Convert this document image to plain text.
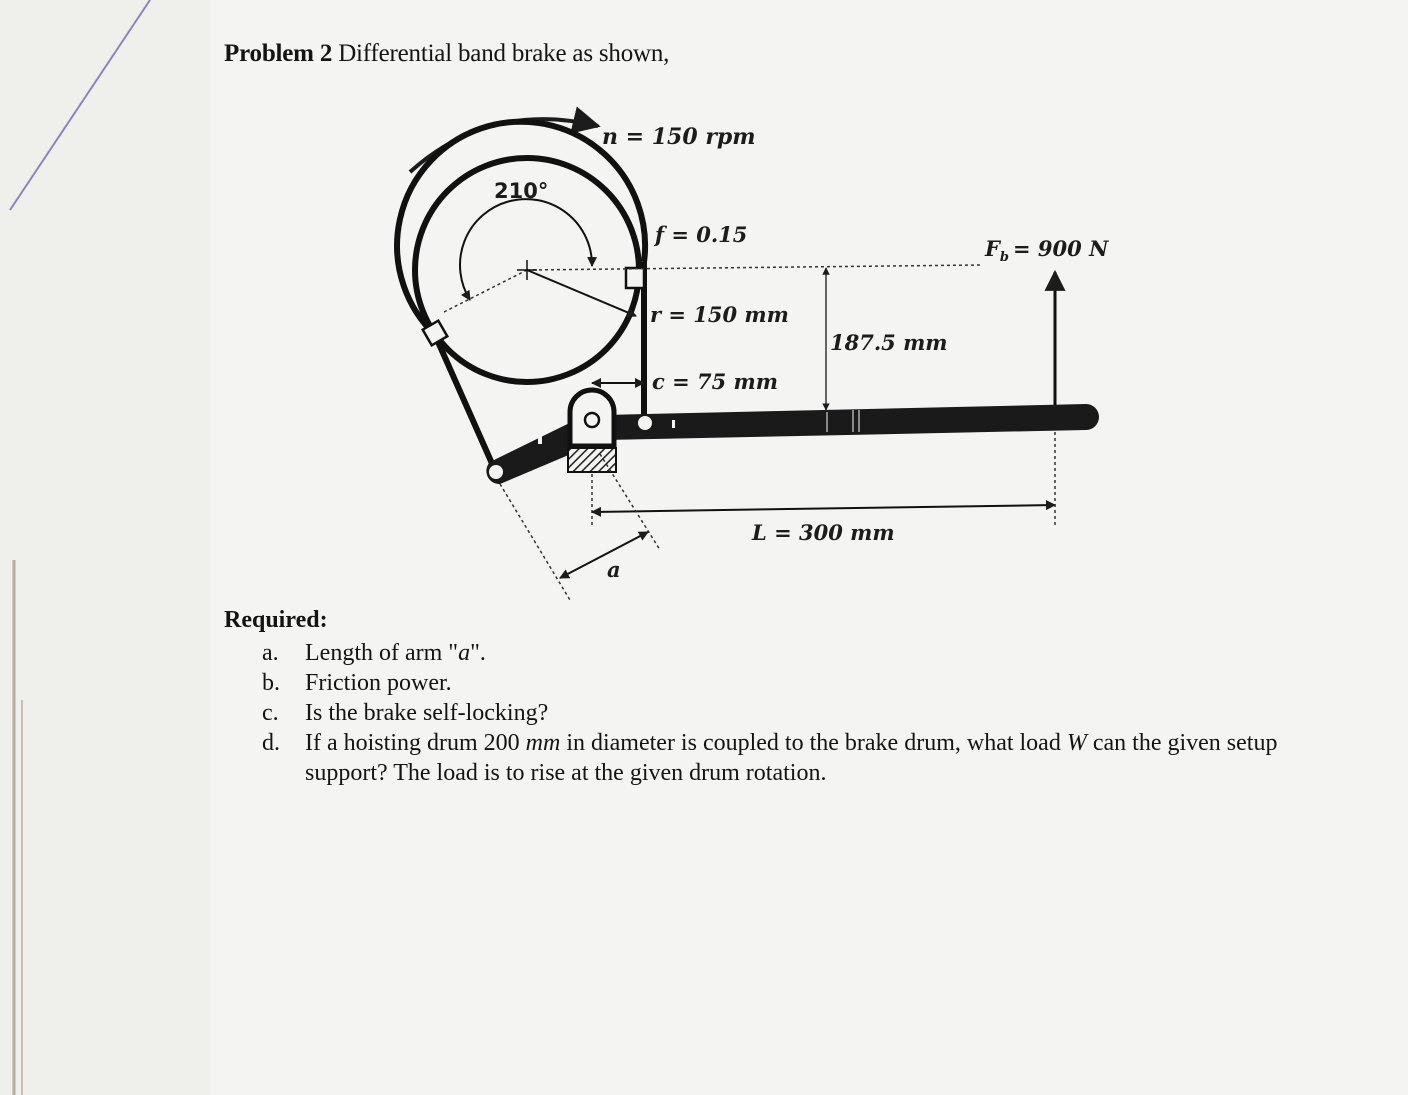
Problem 2 Differential band brake as shown,
n = 150 rpm
210°
f = 0.15
$F_b = 900$ N
r = 150 mm
187.5 mm
c = 75 mm
L = 300 mm
a
Required:
a.	Length of arm "a".
b.	Friction power.
c.	Is the brake self-locking?
d.	If a hoisting drum 200 mm in diameter is coupled to the brake drum, what load W can the given setup support? The load is to rise at the given drum rotation.
